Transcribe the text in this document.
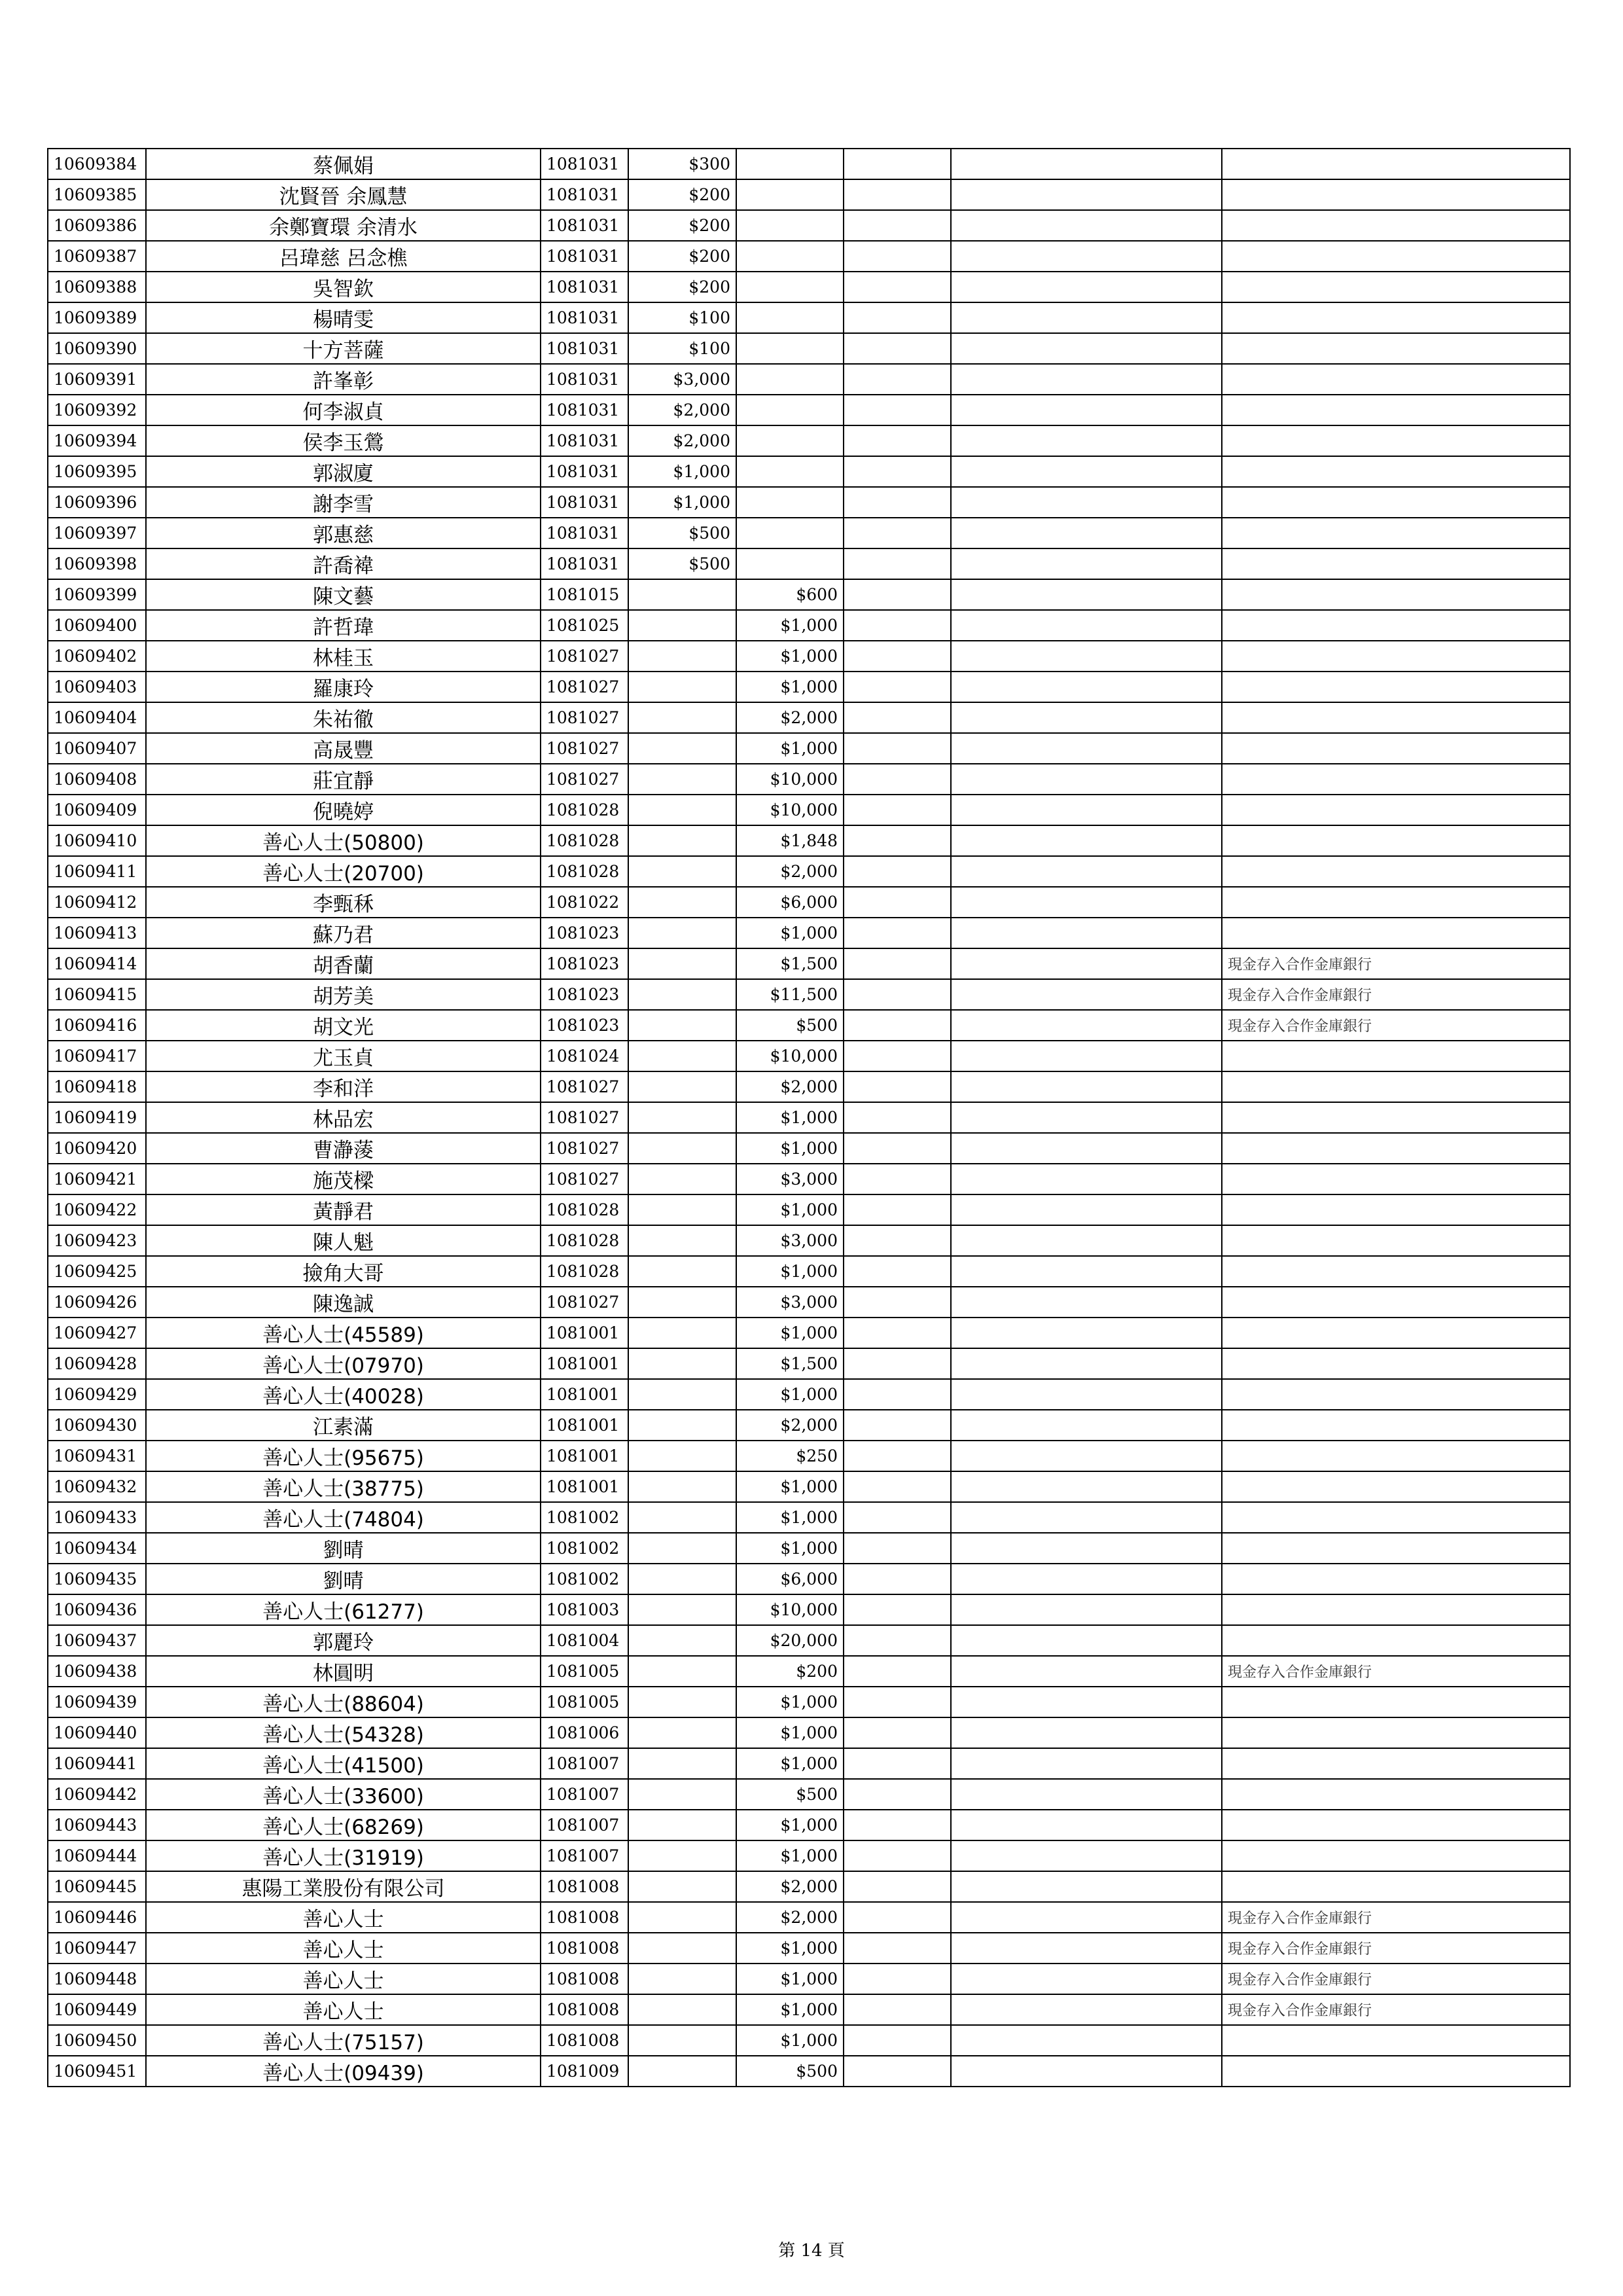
10609384	蔡佩娟	1081031	$300				
10609385	沈賢晉 余鳳慧	1081031	$200				
10609386	余鄭寶環 余清水	1081031	$200				
10609387	呂瑋慈 呂念樵	1081031	$200				
10609388	吳智欽	1081031	$200				
10609389	楊晴雯	1081031	$100				
10609390	十方菩薩	1081031	$100				
10609391	許峯彰	1081031	$3,000				
10609392	何李淑貞	1081031	$2,000				
10609394	侯李玉鶯	1081031	$2,000				
10609395	郭淑廈	1081031	$1,000				
10609396	謝李雪	1081031	$1,000				
10609397	郭惠慈	1081031	$500				
10609398	許喬褘	1081031	$500				
10609399	陳文藝	1081015		$600			
10609400	許哲瑋	1081025		$1,000			
10609402	林桂玉	1081027		$1,000			
10609403	羅康玲	1081027		$1,000			
10609404	朱祐徹	1081027		$2,000			
10609407	高晟豐	1081027		$1,000			
10609408	莊宜靜	1081027		$10,000			
10609409	倪曉婷	1081028		$10,000			
10609410	善心人士(50800)	1081028		$1,848			
10609411	善心人士(20700)	1081028		$2,000			
10609412	李甄秝	1081022		$6,000			
10609413	蘇乃君	1081023		$1,000			
10609414	胡香蘭	1081023		$1,500			現金存入合作金庫銀行
10609415	胡芳美	1081023		$11,500			現金存入合作金庫銀行
10609416	胡文光	1081023		$500			現金存入合作金庫銀行
10609417	尤玉貞	1081024		$10,000			
10609418	李和洋	1081027		$2,000			
10609419	林品宏	1081027		$1,000			
10609420	曹瀞蔆	1081027		$1,000			
10609421	施茂樑	1081027		$3,000			
10609422	黃靜君	1081028		$1,000			
10609423	陳人魁	1081028		$3,000			
10609425	撿角大哥	1081028		$1,000			
10609426	陳逸誠	1081027		$3,000			
10609427	善心人士(45589)	1081001		$1,000			
10609428	善心人士(07970)	1081001		$1,500			
10609429	善心人士(40028)	1081001		$1,000			
10609430	江素滿	1081001		$2,000			
10609431	善心人士(95675)	1081001		$250			
10609432	善心人士(38775)	1081001		$1,000			
10609433	善心人士(74804)	1081002		$1,000			
10609434	劉晴	1081002		$1,000			
10609435	劉晴	1081002		$6,000			
10609436	善心人士(61277)	1081003		$10,000			
10609437	郭麗玲	1081004		$20,000			
10609438	林圓明	1081005		$200			現金存入合作金庫銀行
10609439	善心人士(88604)	1081005		$1,000			
10609440	善心人士(54328)	1081006		$1,000			
10609441	善心人士(41500)	1081007		$1,000			
10609442	善心人士(33600)	1081007		$500			
10609443	善心人士(68269)	1081007		$1,000			
10609444	善心人士(31919)	1081007		$1,000			
10609445	惠陽工業股份有限公司	1081008		$2,000			
10609446	善心人士	1081008		$2,000			現金存入合作金庫銀行
10609447	善心人士	1081008		$1,000			現金存入合作金庫銀行
10609448	善心人士	1081008		$1,000			現金存入合作金庫銀行
10609449	善心人士	1081008		$1,000			現金存入合作金庫銀行
10609450	善心人士(75157)	1081008		$1,000			
10609451	善心人士(09439)	1081009		$500			
第 14 頁
